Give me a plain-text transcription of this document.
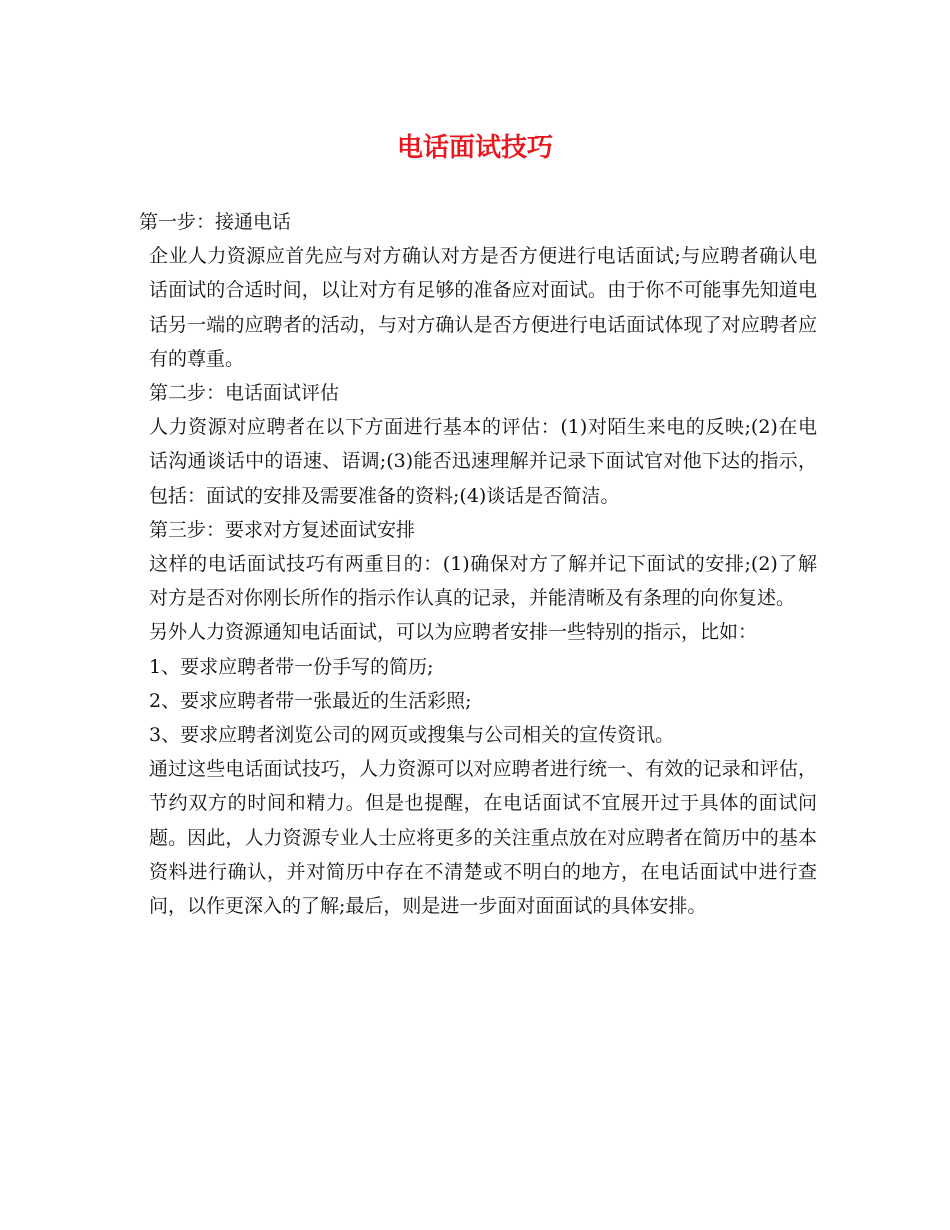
电话面试技巧

第一步：接通电话

企业人力资源应首先应与对方确认对方是否方便进行电话面试;与应聘者确认电话面试的合适时间，以让对方有足够的准备应对面试。由于你不可能事先知道电话另一端的应聘者的活动，与对方确认是否方便进行电话面试体现了对应聘者应有的尊重。

第二步：电话面试评估

人力资源对应聘者在以下方面进行基本的评估：(1)对陌生来电的反映;(2)在电话沟通谈话中的语速、语调;(3)能否迅速理解并记录下面试官对他下达的指示，包括：面试的安排及需要准备的资料;(4)谈话是否简洁。

第三步：要求对方复述面试安排

这样的电话面试技巧有两重目的：(1)确保对方了解并记下面试的安排;(2)了解对方是否对你刚长所作的指示作认真的记录，并能清晰及有条理的向你复述。

另外人力资源通知电话面试，可以为应聘者安排一些特别的指示，比如：

1、要求应聘者带一份手写的简历;

2、要求应聘者带一张最近的生活彩照;

3、要求应聘者浏览公司的网页或搜集与公司相关的宣传资讯。

通过这些电话面试技巧，人力资源可以对应聘者进行统一、有效的记录和评估，节约双方的时间和精力。但是也提醒，在电话面试不宜展开过于具体的面试问题。因此，人力资源专业人士应将更多的关注重点放在对应聘者在简历中的基本资料进行确认，并对简历中存在不清楚或不明白的地方，在电话面试中进行查问，以作更深入的了解;最后，则是进一步面对面面试的具体安排。
